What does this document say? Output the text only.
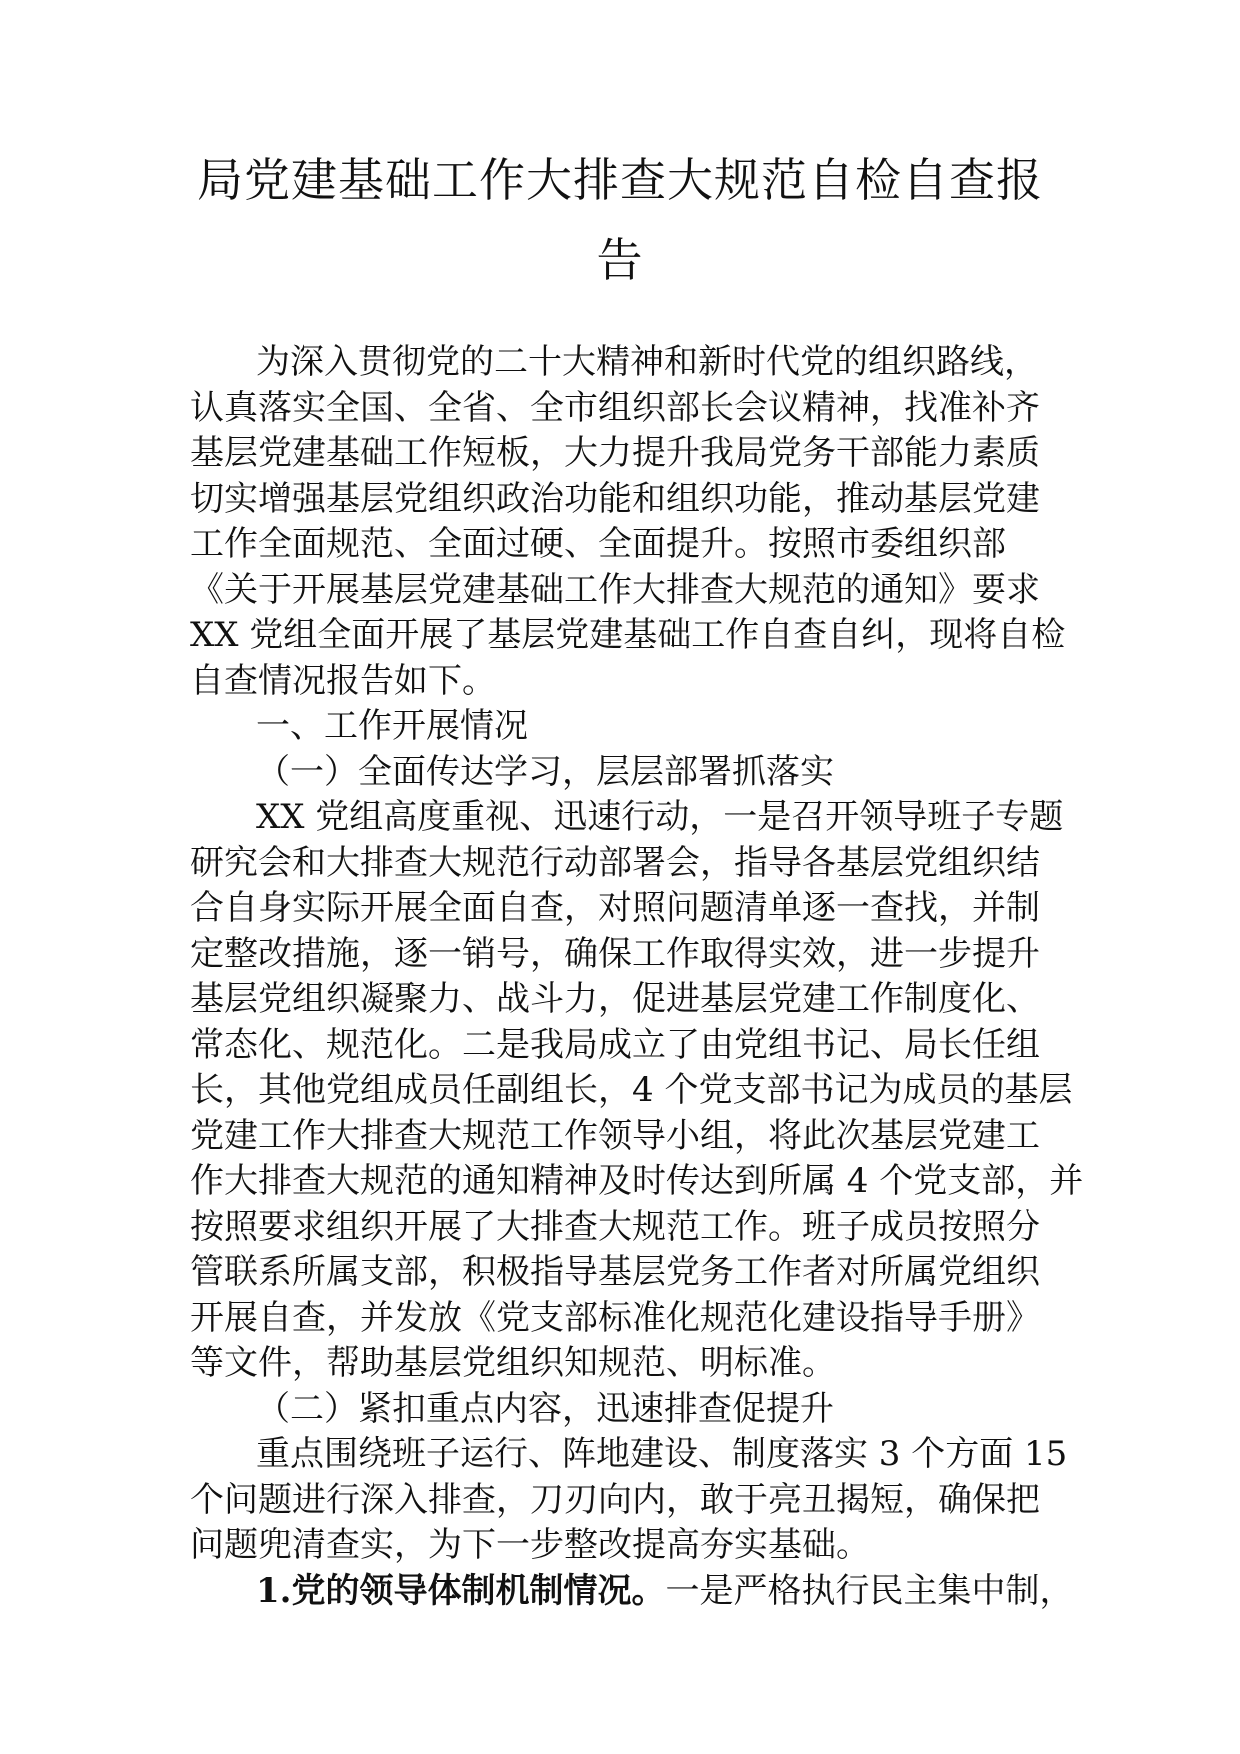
局党建基础工作大排查大规范自检自查报
告
为深入贯彻党的二十大精神和新时代党的组织路线，
认真落实全国、全省、全市组织部长会议精神，找准补齐
基层党建基础工作短板，大力提升我局党务干部能力素质
切实增强基层党组织政治功能和组织功能，推动基层党建
工作全面规范、全面过硬、全面提升。按照市委组织部
《关于开展基层党建基础工作大排查大规范的通知》要求
XX 党组全面开展了基层党建基础工作自查自纠，现将自检
自查情况报告如下。
一、工作开展情况
（一）全面传达学习，层层部署抓落实
XX 党组高度重视、迅速行动，一是召开领导班子专题
研究会和大排查大规范行动部署会，指导各基层党组织结
合自身实际开展全面自查，对照问题清单逐一查找，并制
定整改措施，逐一销号，确保工作取得实效，进一步提升
基层党组织凝聚力、战斗力，促进基层党建工作制度化、
常态化、规范化。二是我局成立了由党组书记、局长任组
长，其他党组成员任副组长，4 个党支部书记为成员的基层
党建工作大排查大规范工作领导小组，将此次基层党建工
作大排查大规范的通知精神及时传达到所属 4 个党支部，并
按照要求组织开展了大排查大规范工作。班子成员按照分
管联系所属支部，积极指导基层党务工作者对所属党组织
开展自查，并发放《党支部标准化规范化建设指导手册》
等文件，帮助基层党组织知规范、明标准。
（二）紧扣重点内容，迅速排查促提升
重点围绕班子运行、阵地建设、制度落实 3 个方面 15
个问题进行深入排查，刀刃向内，敢于亮丑揭短，确保把
问题兜清查实，为下一步整改提高夯实基础。
1.党的领导体制机制情况。一是严格执行民主集中制，
